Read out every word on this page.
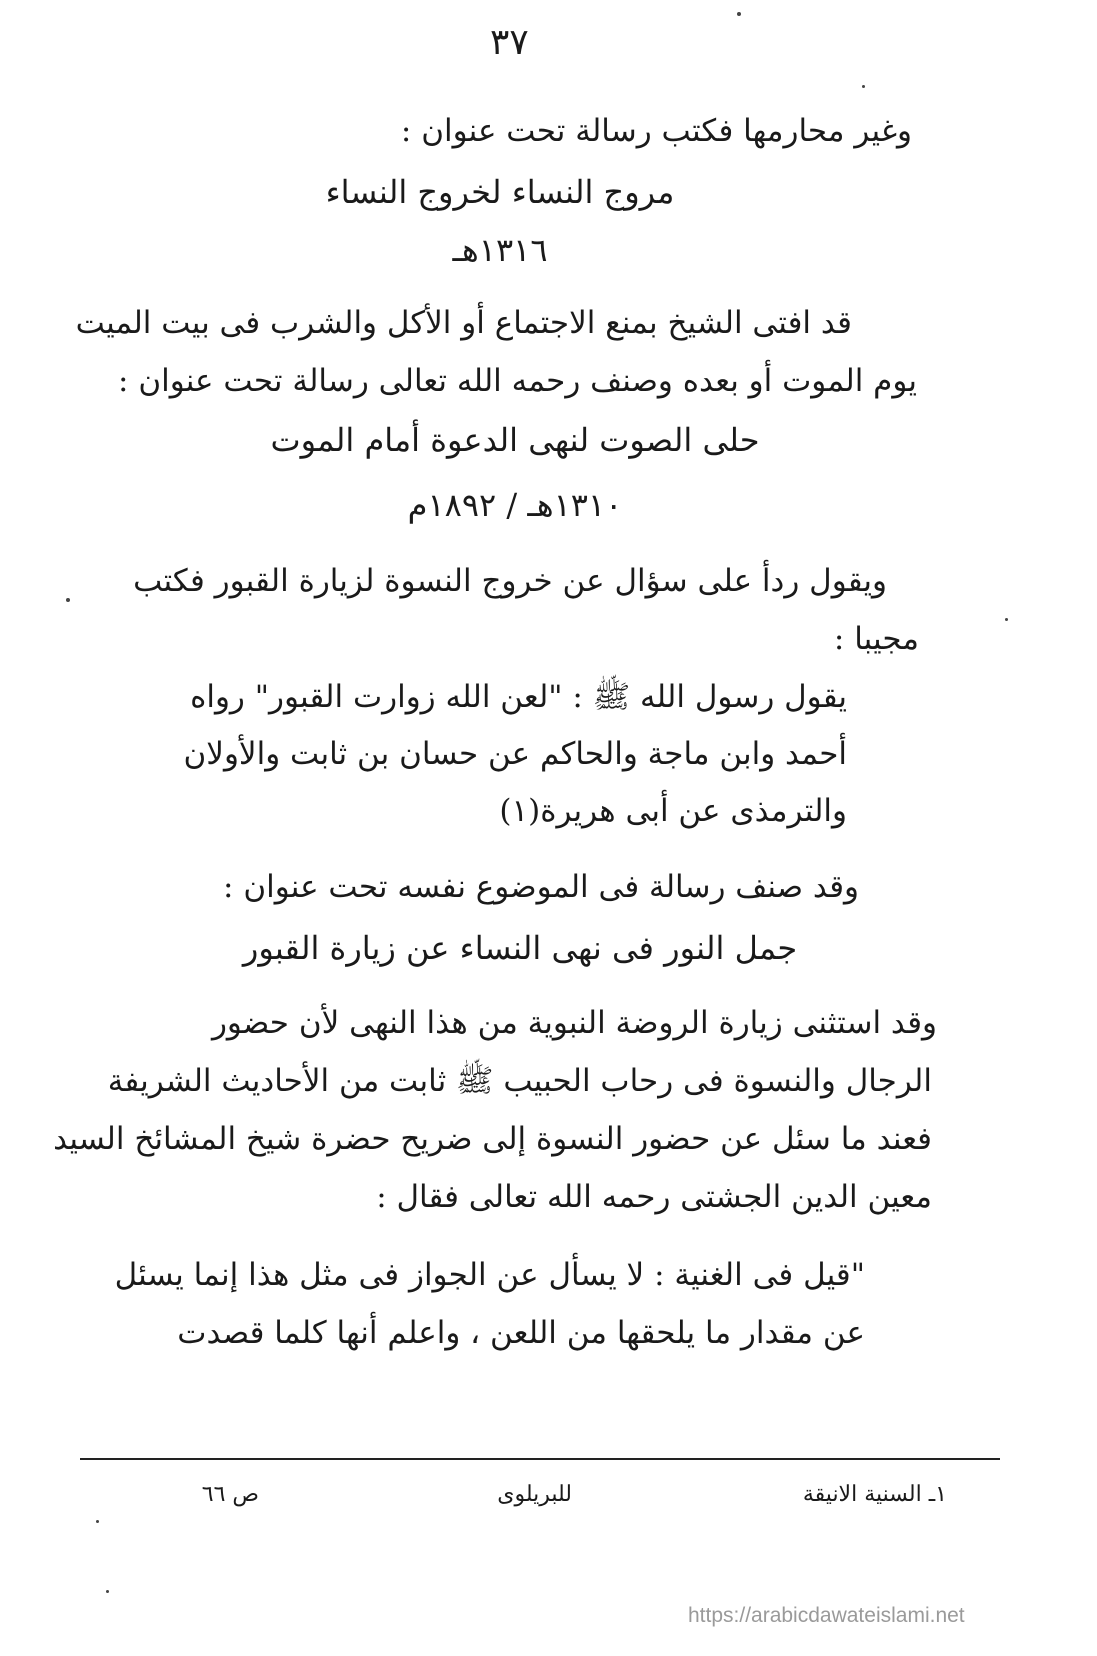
٣٧
وغير محارمها فكتب رسالة تحت عنوان :
مروج النساء لخروج النساء
١٣١٦هـ
قد افتى الشيخ بمنع الاجتماع أو الأكل والشرب فى بيت الميت
يوم الموت أو بعده وصنف رحمه الله تعالى رسالة تحت عنوان :
حلى الصوت لنهى الدعوة أمام الموت
١٣١٠هـ / ١٨٩٢م
ويقول ردأ على سؤال عن خروج النسوة لزيارة القبور فكتب
مجيبا :
يقول رسول الله ﷺ : "لعن الله زوارت القبور" رواه
أحمد وابن ماجة والحاكم عن حسان بن ثابت والأولان
والترمذى عن أبى هريرة(١)
وقد صنف رسالة فى الموضوع نفسه تحت عنوان :
جمل النور فى نهى النساء عن زيارة القبور
وقد استثنى زيارة الروضة النبوية من هذا النهى لأن حضور
الرجال والنسوة فى رحاب الحبيب ﷺ ثابت من الأحاديث الشريفة
فعند ما سئل عن حضور النسوة إلى ضريح حضرة شيخ المشائخ السيد
معين الدين الجشتى رحمه الله تعالى فقال :
"قيل فى الغنية : لا يسأل عن الجواز فى مثل هذا إنما يسئل
عن مقدار ما يلحقها من اللعن ، واعلم أنها كلما قصدت
١ـ السنية الانيقة
للبريلوى
ص ٦٦
https://arabicdawateislami.net
